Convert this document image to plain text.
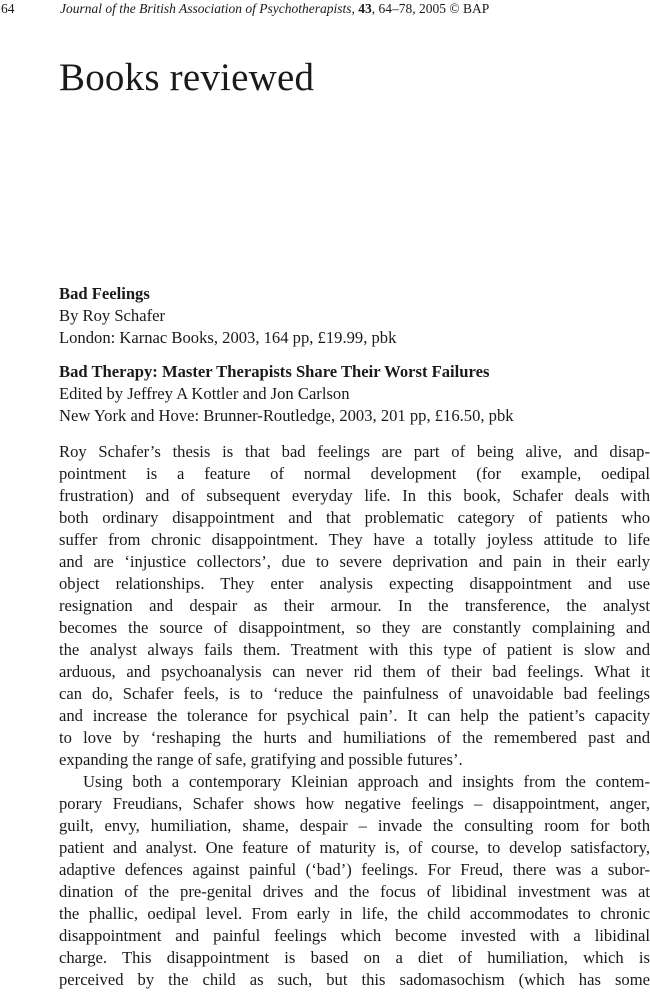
64	Journal of the British Association of Psychotherapists, 43, 64–78, 2005 © BAP
Books reviewed
Bad Feelings
By Roy Schafer
London: Karnac Books, 2003, 164 pp, £19.99, pbk
Bad Therapy: Master Therapists Share Their Worst Failures
Edited by Jeffrey A Kottler and Jon Carlson
New York and Hove: Brunner-Routledge, 2003, 201 pp, £16.50, pbk
Roy Schafer’s thesis is that bad feelings are part of being alive, and disap-
pointment is a feature of normal development (for example, oedipal
frustration) and of subsequent everyday life. In this book, Schafer deals with
both ordinary disappointment and that problematic category of patients who
suffer from chronic disappointment. They have a totally joyless attitude to life
and are ‘injustice collectors’, due to severe deprivation and pain in their early
object relationships. They enter analysis expecting disappointment and use
resignation and despair as their armour. In the transference, the analyst
becomes the source of disappointment, so they are constantly complaining and
the analyst always fails them. Treatment with this type of patient is slow and
arduous, and psychoanalysis can never rid them of their bad feelings. What it
can do, Schafer feels, is to ‘reduce the painfulness of unavoidable bad feelings
and increase the tolerance for psychical pain’. It can help the patient’s capacity
to love by ‘reshaping the hurts and humiliations of the remembered past and
expanding the range of safe, gratifying and possible futures’.
Using both a contemporary Kleinian approach and insights from the contem-
porary Freudians, Schafer shows how negative feelings – disappointment, anger,
guilt, envy, humiliation, shame, despair – invade the consulting room for both
patient and analyst. One feature of maturity is, of course, to develop satisfactory,
adaptive defences against painful (‘bad’) feelings. For Freud, there was a subor-
dination of the pre-genital drives and the focus of libidinal investment was at
the phallic, oedipal level. From early in life, the child accommodates to chronic
disappointment and painful feelings which become invested with a libidinal
charge. This disappointment is based on a diet of humiliation, which is
perceived by the child as such, but this sadomasochism (which has some
